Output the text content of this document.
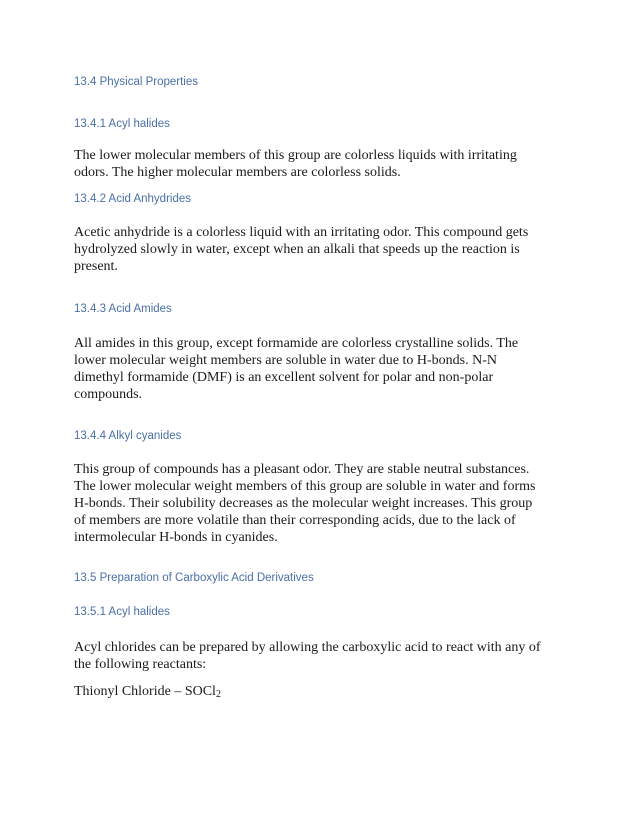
13.4 Physical Properties
13.4.1 Acyl halides
The lower molecular members of this group are colorless liquids with irritating
odors. The higher molecular members are colorless solids.
13.4.2 Acid Anhydrides
Acetic anhydride is a colorless liquid with an irritating odor. This compound gets
hydrolyzed slowly in water, except when an alkali that speeds up the reaction is
present.
13.4.3 Acid Amides
All amides in this group, except formamide are colorless crystalline solids. The
lower molecular weight members are soluble in water due to H-bonds. N-N
dimethyl formamide (DMF) is an excellent solvent for polar and non-polar
compounds.
13.4.4 Alkyl cyanides
This group of compounds has a pleasant odor. They are stable neutral substances.
The lower molecular weight members of this group are soluble in water and forms
H-bonds. Their solubility decreases as the molecular weight increases. This group
of members are more volatile than their corresponding acids, due to the lack of
intermolecular H-bonds in cyanides.
13.5 Preparation of Carboxylic Acid Derivatives
13.5.1 Acyl halides
Acyl chlorides can be prepared by allowing the carboxylic acid to react with any of
the following reactants:
Thionyl Chloride – SOCl$_2$
